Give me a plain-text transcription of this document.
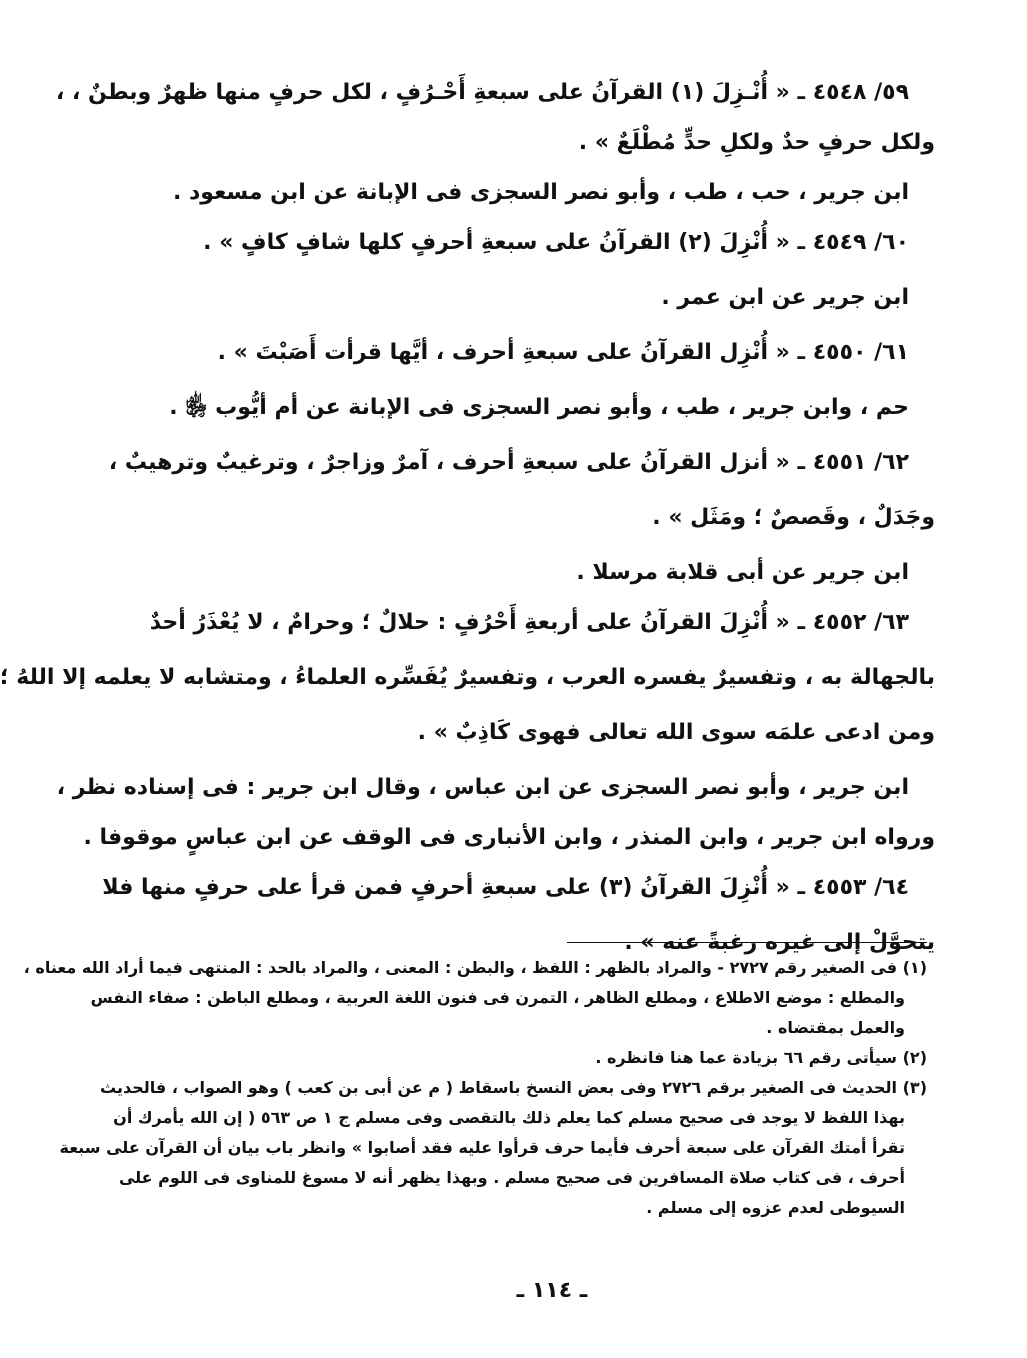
٥٩/ ٤٥٤٨ ـ « أُنْـزِلَ (١) القرآنُ على سبعةِ أَحْـرُفٍ ، لكل حرفٍ منها ظهرٌ وبطنٌ ، ،
ولكل حرفٍ حدٌ ولكلِ حدٍّ مُطْلَعٌ » .
ابن جرير ، حب ، طب ، وأبو نصر السجزى فى الإبانة عن ابن مسعود .
٦٠/ ٤٥٤٩ ـ « أُنْزِلَ (٢) القرآنُ على سبعةِ أحرفٍ كلها شافٍ كافٍ » .
ابن جرير عن ابن عمر .
٦١/ ٤٥٥٠ ـ « أُنْزِل القرآنُ على سبعةِ أحرف ، أيَّها قرأت أَصَبْتَ » .
حم ، وابن جرير ، طب ، وأبو نصر السجزى فى الإبانة عن أم أيُّوب ﵂ .
٦٢/ ٤٥٥١ ـ « أنزل القرآنُ على سبعةِ أحرف ، آمرٌ وزاجرٌ ، وترغيبٌ وترهيبٌ ،
وجَدَلٌ ، وقَصصٌ ؛ ومَثَل » .
ابن جرير عن أبى قلابة مرسلا .
٦٣/ ٤٥٥٢ ـ « أُنْزِلَ القرآنُ على أربعةِ أَحْرُفٍ : حلالٌ ؛ وحرامٌ ، لا يُعْذَرُ أحدٌ
بالجهالة به ، وتفسيرٌ يفسره العرب ، وتفسيرٌ يُفَسِّره العلماءُ ، ومتشابه لا يعلمه إلا اللهُ ؛
ومن ادعى علمَه سوى الله تعالى فهوى كَاذِبٌ » .
ابن جرير ، وأبو نصر السجزى عن ابن عباس ، وقال ابن جرير : فى إسناده نظر ،
ورواه ابن جرير ، وابن المنذر ، وابن الأنبارى فى الوقف عن ابن عباسٍ موقوفا .
٦٤/ ٤٥٥٣ ـ « أُنْزِلَ القرآنُ (٣) على سبعةِ أحرفٍ فمن قرأ على حرفٍ منها فلا
يتحوَّلْ إلى غيره رغبةً عنه » .
(١) فى الصغير رقم ٢٧٢٧ - والمراد بالظهر : اللفظ ، والبطن : المعنى ، والمراد بالحد : المنتهى فيما أراد الله معناه ،
والمطلع : موضع الاطلاع ، ومطلع الظاهر ، التمرن فى فنون اللغة العربية ، ومطلع الباطن : صفاء النفس
والعمل بمقتضاه .
(٢) سيأتى رقم ٦٦ بزيادة عما هنا فانظره .
(٣) الحديث فى الصغير برقم ٢٧٢٦ وفى بعض النسخ باسقاط ( م عن أبى بن كعب ) وهو الصواب ، فالحديث
بهذا اللفظ لا يوجد فى صحيح مسلم كما يعلم ذلك بالتقصى وفى مسلم ج ١ ص ٥٦٣ ( إن الله يأمرك أن
تقرأ أمتك القرآن على سبعة أحرف فأيما حرف قرأوا عليه فقد أصابوا » وانظر باب بيان أن القرآن على سبعة
أحرف ، فى كتاب صلاة المسافرين فى صحيح مسلم . وبهذا يظهر أنه لا مسوغ للمناوى فى اللوم على
السيوطى لعدم عزوه إلى مسلم .
ـ ١١٤ ـ
